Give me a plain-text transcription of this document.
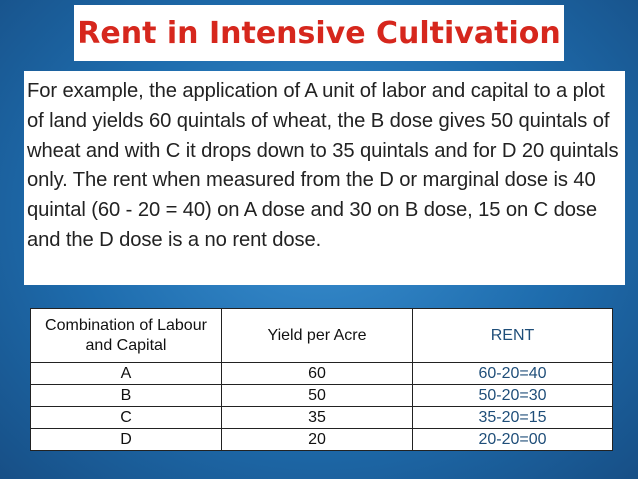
Rent in Intensive Cultivation

For example, the application of A unit of labor and capital to a plot of land yields 60 quintals of wheat, the B dose gives 50 quintals of wheat and with C it drops down to 35 quintals and for D 20 quintals only. The rent when measured from the D or marginal dose is 40 quintal (60 - 20 = 40) on A dose and 30 on B dose, 15 on C dose and the D dose is a no rent dose.

Combination of Labour and Capital	Yield per Acre	RENT
A	60	60-20=40
B	50	50-20=30
C	35	35-20=15
D	20	20-20=00
